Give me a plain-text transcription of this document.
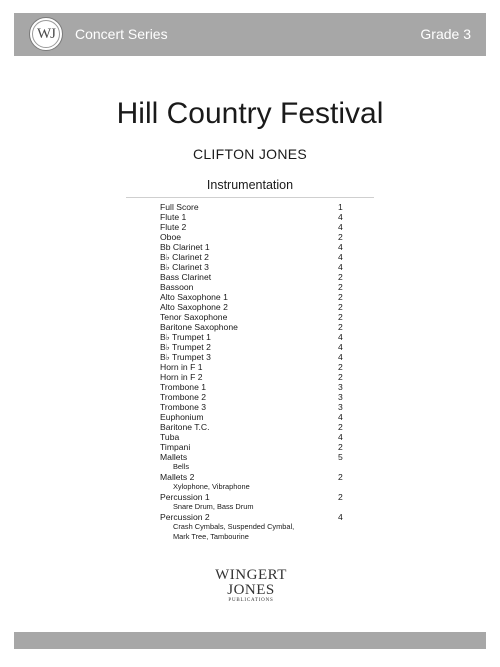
WJ Concert Series	Grade 3
Hill Country Festival
CLIFTON JONES
Instrumentation
Full Score	1
Flute 1	4
Flute 2	4
Oboe	2
Bb Clarinet 1	4
B♭ Clarinet 2	4
B♭ Clarinet 3	4
Bass Clarinet	2
Bassoon	2
Alto Saxophone 1	2
Alto Saxophone 2	2
Tenor Saxophone	2
Baritone Saxophone	2
B♭ Trumpet 1	4
B♭ Trumpet 2	4
B♭ Trumpet 3	4
Horn in F 1	2
Horn in F 2	2
Trombone 1	3
Trombone 2	3
Trombone 3	3
Euphonium	4
Baritone T.C.	2
Tuba	4
Timpani	2
Mallets	5
Bells
Mallets 2	2
Xylophone, Vibraphone
Percussion 1	2
Snare Drum, Bass Drum
Percussion 2	4
Crash Cymbals, Suspended Cymbal,
Mark Tree, Tambourine
WINGERT
JONES
PUBLICATIONS
